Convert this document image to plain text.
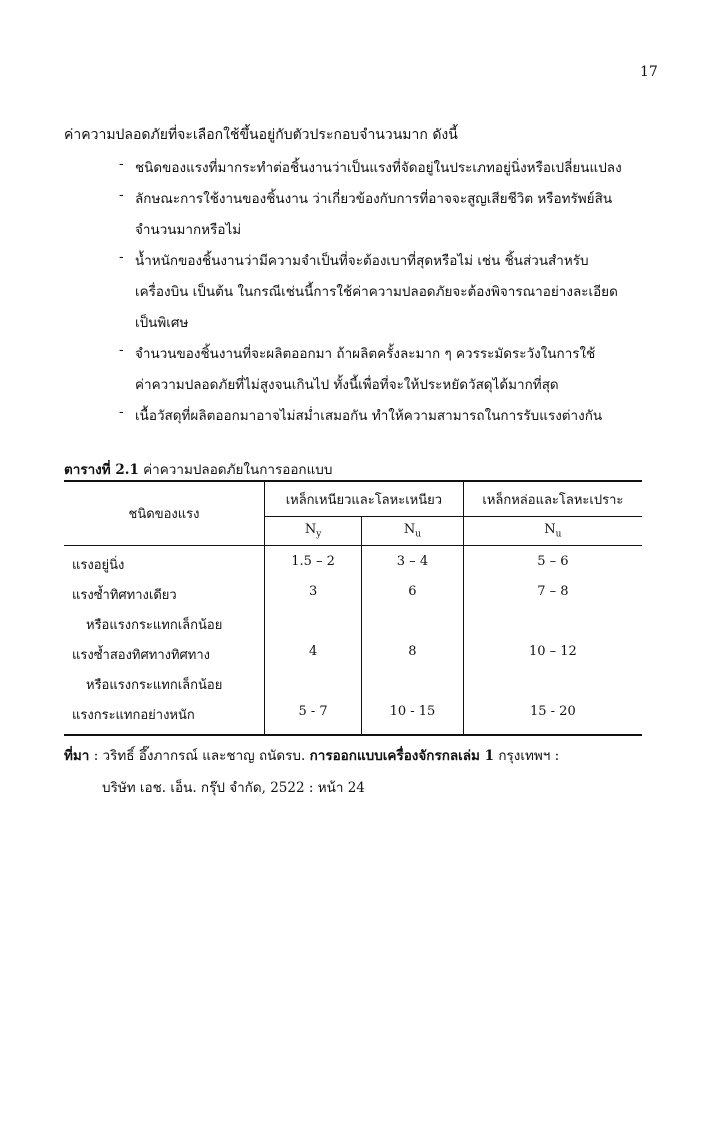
17
ค่าความปลอดภัยที่จะเลือกใช้ขึ้นอยู่กับตัวประกอบจำนวนมาก ดังนี้
- ชนิดของแรงที่มากระทำต่อชิ้นงานว่าเป็นแรงที่จัดอยู่ในประเภทอยู่นิ่งหรือเปลี่ยนแปลง
- ลักษณะการใช้งานของชิ้นงาน ว่าเกี่ยวข้องกับการที่อาจจะสูญเสียชีวิต หรือทรัพย์สิน
จำนวนมากหรือไม่
- น้ำหนักของชิ้นงานว่ามีความจำเป็นที่จะต้องเบาที่สุดหรือไม่ เช่น ชิ้นส่วนสำหรับ
เครื่องบิน เป็นต้น ในกรณีเช่นนี้การใช้ค่าความปลอดภัยจะต้องพิจารณาอย่างละเอียด
เป็นพิเศษ
- จำนวนของชิ้นงานที่จะผลิตออกมา ถ้าผลิตครั้งละมาก ๆ ควรระมัดระวังในการใช้
ค่าความปลอดภัยที่ไม่สูงจนเกินไป ทั้งนี้เพื่อที่จะให้ประหยัดวัสดุได้มากที่สุด
- เนื้อวัสดุที่ผลิตออกมาอาจไม่สม่ำเสมอกัน ทำให้ความสามารถในการรับแรงต่างกัน
ตารางที่ 2.1 ค่าความปลอดภัยในการออกแบบ
ชนิดของแรง	เหล็กเหนียวและโลหะเหนียว		เหล็กหล่อและโลหะเปราะ
	$N_y$	$N_u$	$N_u$
แรงอยู่นิ่ง	1.5 – 2	3 – 4	5 – 6
แรงซ้ำทิศทางเดียว	3	6	7 – 8
หรือแรงกระแทกเล็กน้อย			
แรงซ้ำสองทิศทางทิศทาง	4	8	10 – 12
หรือแรงกระแทกเล็กน้อย			
แรงกระแทกอย่างหนัก	5 - 7	10 - 15	15 - 20
ที่มา : วริทธิ์ อึ๊งภากรณ์ และชาญ ถนัดรบ. การออกแบบเครื่องจักรกลเล่ม 1 กรุงเทพฯ :
บริษัท เอช. เอ็น. กรุ๊ป จำกัด, 2522 : หน้า 24
